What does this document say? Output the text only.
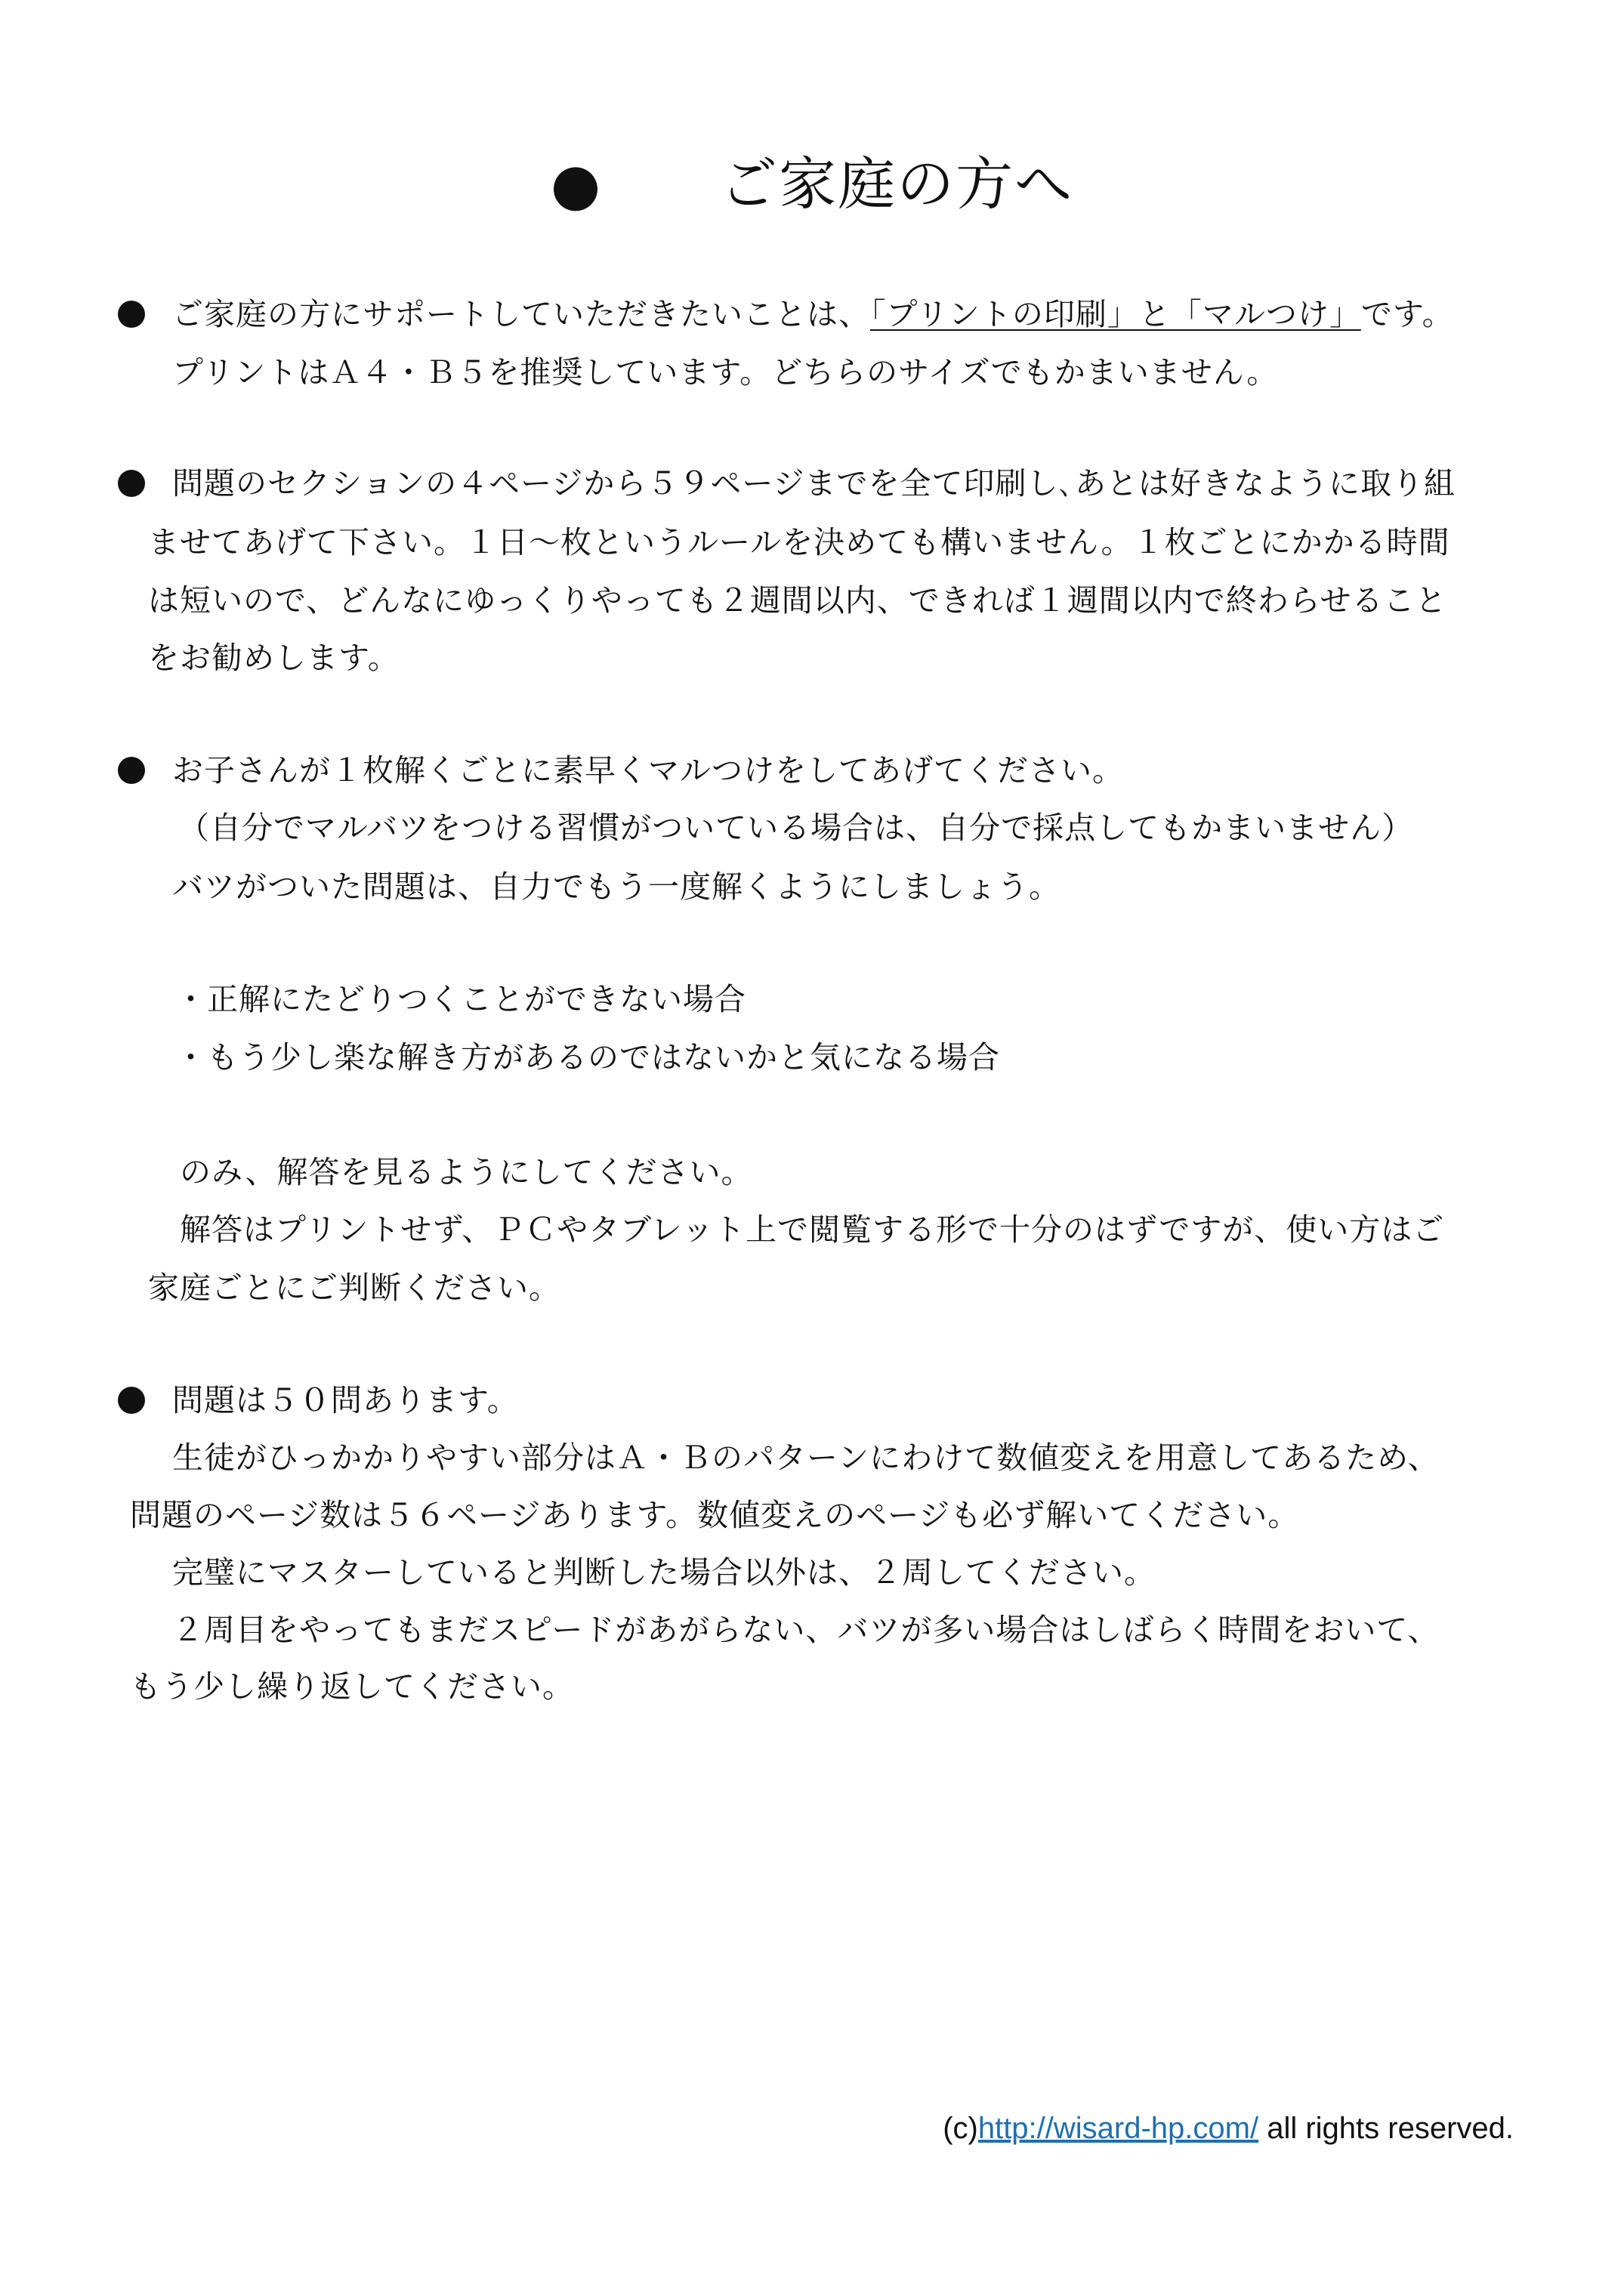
●　　ご家庭の方へ
ご家庭の方にサポートしていただきたいことは、「プリントの印刷」と「マルつけ」です。
プリントはＡ４・Ｂ５を推奨しています。どちらのサイズでもかまいません。
問題のセクションの４ページから５９ページまでを全て印刷し､あとは好きなように取り組
ませてあげて下さい。１日～枚というルールを決めても構いません。１枚ごとにかかる時間
は短いので、どんなにゆっくりやっても２週間以内、できれば１週間以内で終わらせること
をお勧めします。
お子さんが１枚解くごとに素早くマルつけをしてあげてください。
（自分でマルバツをつける習慣がついている場合は、自分で採点してもかまいません）
バツがついた問題は、自力でもう一度解くようにしましょう。
・正解にたどりつくことができない場合
・もう少し楽な解き方があるのではないかと気になる場合
のみ、解答を見るようにしてください。
解答はプリントせず、ＰＣやタブレット上で閲覧する形で十分のはずですが、使い方はご
家庭ごとにご判断ください。
問題は５０問あります。
生徒がひっかかりやすい部分はＡ・Ｂのパターンにわけて数値変えを用意してあるため、
問題のページ数は５６ページあります。数値変えのページも必ず解いてください。
完璧にマスターしていると判断した場合以外は、２周してください。
２周目をやってもまだスピードがあがらない、バツが多い場合はしばらく時間をおいて、
もう少し繰り返してください。
(c)http://wisard-hp.com/ all rights reserved.
